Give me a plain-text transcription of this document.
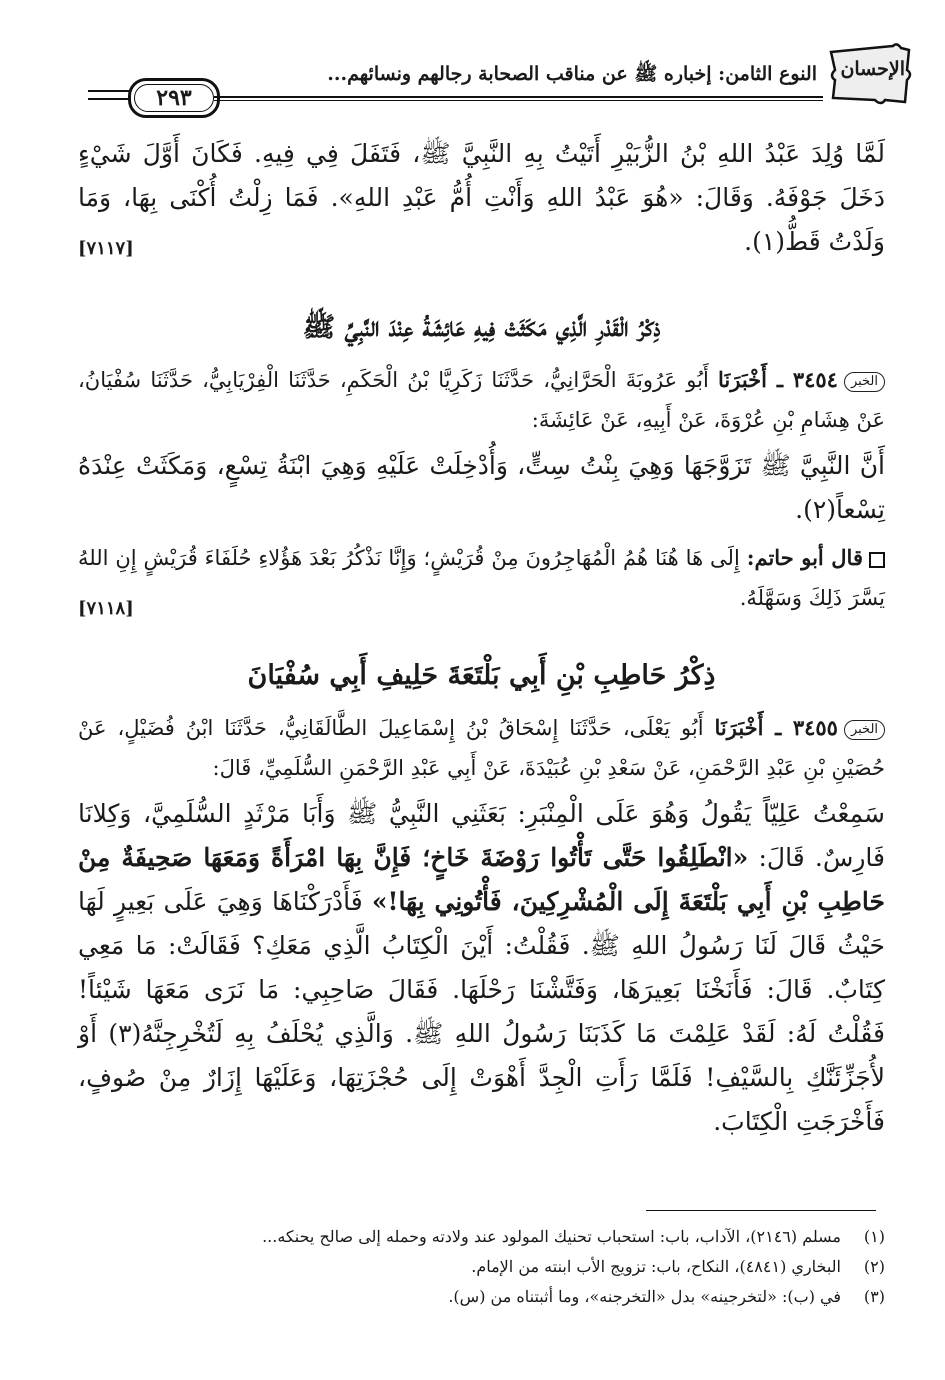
٢٩٣
النوع الثامن: إخباره ﷺ عن مناقب الصحابة رجالهم ونسائهم... الإحسان

لَمَّا وُلِدَ عَبْدُ اللهِ بْنُ الزُّبَيْرِ أَتَيْتُ بِهِ النَّبِيَّ ﷺ، فَتَفَلَ فِي فِيهِ. فَكَانَ أَوَّلَ شَيْءٍ دَخَلَ جَوْفَهُ. وَقَالَ: «هُوَ عَبْدُ اللهِ وَأَنْتِ أُمُّ عَبْدِ اللهِ». فَمَا زِلْتُ أُكْنَى بِهَا، وَمَا وَلَدْتُ قَطُّ(١).

[٧١١٧]
ذِكْرُ الْقَدْرِ الَّذِي مَكَثَتْ فِيهِ عَائِشَةُ عِنْدَ النَّبِيِّ ﷺ

الخبر٣٤٥٤ ـ أَخْبَرَنَا أَبُو عَرُوبَةَ الْحَرَّانِيُّ، حَدَّثَنَا زَكَرِيَّا بْنُ الْحَكَمِ، حَدَّثَنَا الْفِرْيَابِيُّ، حَدَّثَنَا سُفْيَانُ، عَنْ هِشَامِ بْنِ عُرْوَةَ، عَنْ أَبِيهِ، عَنْ عَائِشَةَ:

أَنَّ النَّبِيَّ ﷺ تَزَوَّجَهَا وَهِيَ بِنْتُ سِتٍّ، وَأُدْخِلَتْ عَلَيْهِ وَهِيَ ابْنَةُ تِسْعٍ، وَمَكَثَتْ عِنْدَهُ تِسْعاً(٢).

قال أبو حاتم: إِلَى هَا هُنَا هُمُ الْمُهَاجِرُونَ مِنْ قُرَيْشٍ؛ وَإِنَّا نَذْكُرُ بَعْدَ هَؤُلاءِ حُلَفَاءَ قُرَيْشٍ إِنِ اللهُ يَسَّرَ ذَلِكَ وَسَهَّلَهُ.

[٧١١٨]
ذِكْرُ حَاطِبِ بْنِ أَبِي بَلْتَعَةَ حَلِيفِ أَبِي سُفْيَانَ

الخبر٣٤٥٥ ـ أَخْبَرَنَا أَبُو يَعْلَى، حَدَّثَنَا إِسْحَاقُ بْنُ إِسْمَاعِيلَ الطَّالَقَانِيُّ، حَدَّثَنَا ابْنُ فُضَيْلٍ، عَنْ حُصَيْنِ بْنِ عَبْدِ الرَّحْمَنِ، عَنْ سَعْدِ بْنِ عُبَيْدَةَ، عَنْ أَبِي عَبْدِ الرَّحْمَنِ السُّلَمِيِّ، قَالَ:

سَمِعْتُ عَلِيّاً يَقُولُ وَهُوَ عَلَى الْمِنْبَرِ: بَعَثَنِي النَّبِيُّ ﷺ وَأَبَا مَرْثَدٍ السُّلَمِيَّ، وَكِلانَا فَارِسٌ. قَالَ: «انْطَلِقُوا حَتَّى تَأْتُوا رَوْضَةَ خَاخٍ؛ فَإِنَّ بِهَا امْرَأَةً وَمَعَهَا صَحِيفَةٌ مِنْ حَاطِبِ بْنِ أَبِي بَلْتَعَةَ إِلَى الْمُشْرِكِينَ، فَأْتُونِي بِهَا!» فَأَدْرَكْنَاهَا وَهِيَ عَلَى بَعِيرٍ لَهَا حَيْثُ قَالَ لَنَا رَسُولُ اللهِ ﷺ. فَقُلْتُ: أَيْنَ الْكِتَابُ الَّذِي مَعَكِ؟ فَقَالَتْ: مَا مَعِي كِتَابٌ. قَالَ: فَأَنَخْنَا بَعِيرَهَا، وَفَتَّشْنَا رَحْلَهَا. فَقَالَ صَاحِبِي: مَا نَرَى مَعَهَا شَيْئاً! فَقُلْتُ لَهُ: لَقَدْ عَلِمْتَ مَا كَذَبَنَا رَسُولُ اللهِ ﷺ. وَالَّذِي يُحْلَفُ بِهِ لَتُخْرِجِنَّهُ(٣) أَوْ لأُجَزِّئَنَّكِ بِالسَّيْفِ! فَلَمَّا رَأَتِ الْجِدَّ أَهْوَتْ إِلَى حُجْزَتِهَا، وَعَلَيْهَا إِزَارٌ مِنْ صُوفٍ، فَأَخْرَجَتِ الْكِتَابَ.

(١)
مسلم (٢١٤٦)، الآداب، باب: استحباب تحنيك المولود عند ولادته وحمله إلى صالح يحنكه...
(٢)
البخاري (٤٨٤١)، النكاح، باب: تزويج الأب ابنته من الإمام.
(٣)
في (ب): «لتخرجينه» بدل «التخرجنه»، وما أثبتناه من (س).
